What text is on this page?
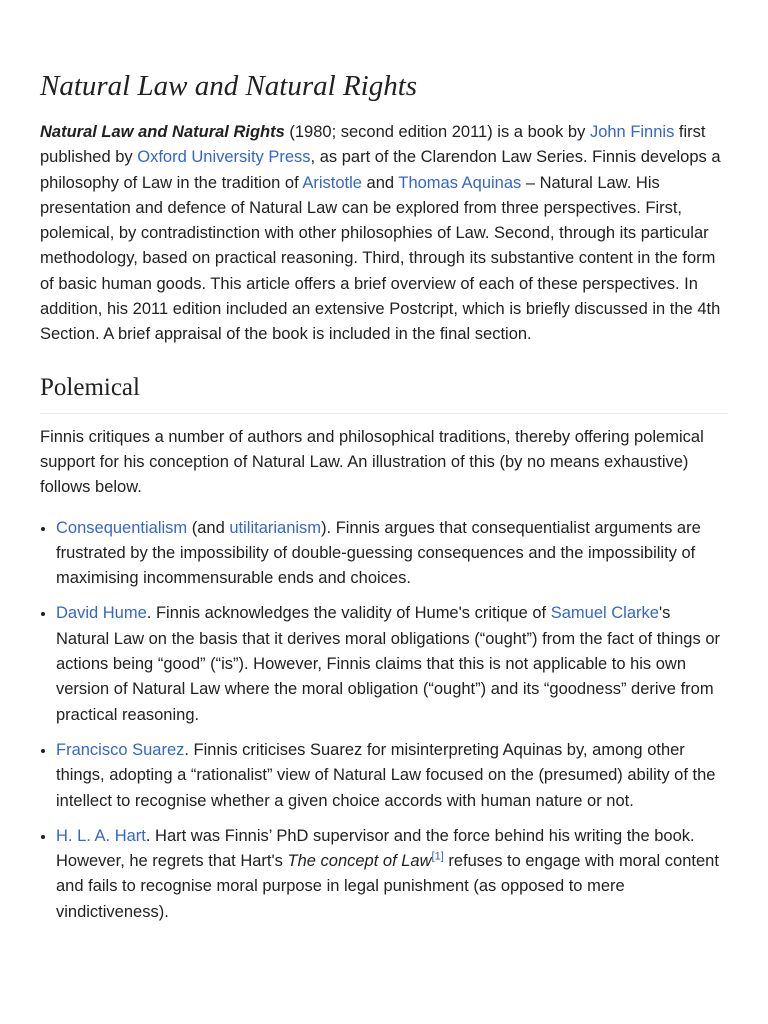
Natural Law and Natural Rights

Natural Law and Natural Rights (1980; second edition 2011) is a book by John Finnis first published by Oxford University Press, as part of the Clarendon Law Series. Finnis develops a philosophy of Law in the tradition of Aristotle and Thomas Aquinas – Natural Law. His presentation and defence of Natural Law can be explored from three perspectives. First, polemical, by contradistinction with other philosophies of Law. Second, through its particular methodology, based on practical reasoning. Third, through its substantive content in the form of basic human goods. This article offers a brief overview of each of these perspectives. In addition, his 2011 edition included an extensive Postcript, which is briefly discussed in the 4th Section. A brief appraisal of the book is included in the final section.

Polemical

Finnis critiques a number of authors and philosophical traditions, thereby offering polemical support for his conception of Natural Law. An illustration of this (by no means exhaustive) follows below.

• Consequentialism (and utilitarianism). Finnis argues that consequentialist arguments are frustrated by the impossibility of double-guessing consequences and the impossibility of maximising incommensurable ends and choices.
• David Hume. Finnis acknowledges the validity of Hume's critique of Samuel Clarke's Natural Law on the basis that it derives moral obligations (“ought”) from the fact of things or actions being “good” (“is”). However, Finnis claims that this is not applicable to his own version of Natural Law where the moral obligation (“ought”) and its “goodness” derive from practical reasoning.
• Francisco Suarez. Finnis criticises Suarez for misinterpreting Aquinas by, among other things, adopting a “rationalist” view of Natural Law focused on the (presumed) ability of the intellect to recognise whether a given choice accords with human nature or not.
• H. L. A. Hart. Hart was Finnis’ PhD supervisor and the force behind his writing the book. However, he regrets that Hart's The concept of Law[1] refuses to engage with moral content and fails to recognise moral purpose in legal punishment (as opposed to mere vindictiveness).
